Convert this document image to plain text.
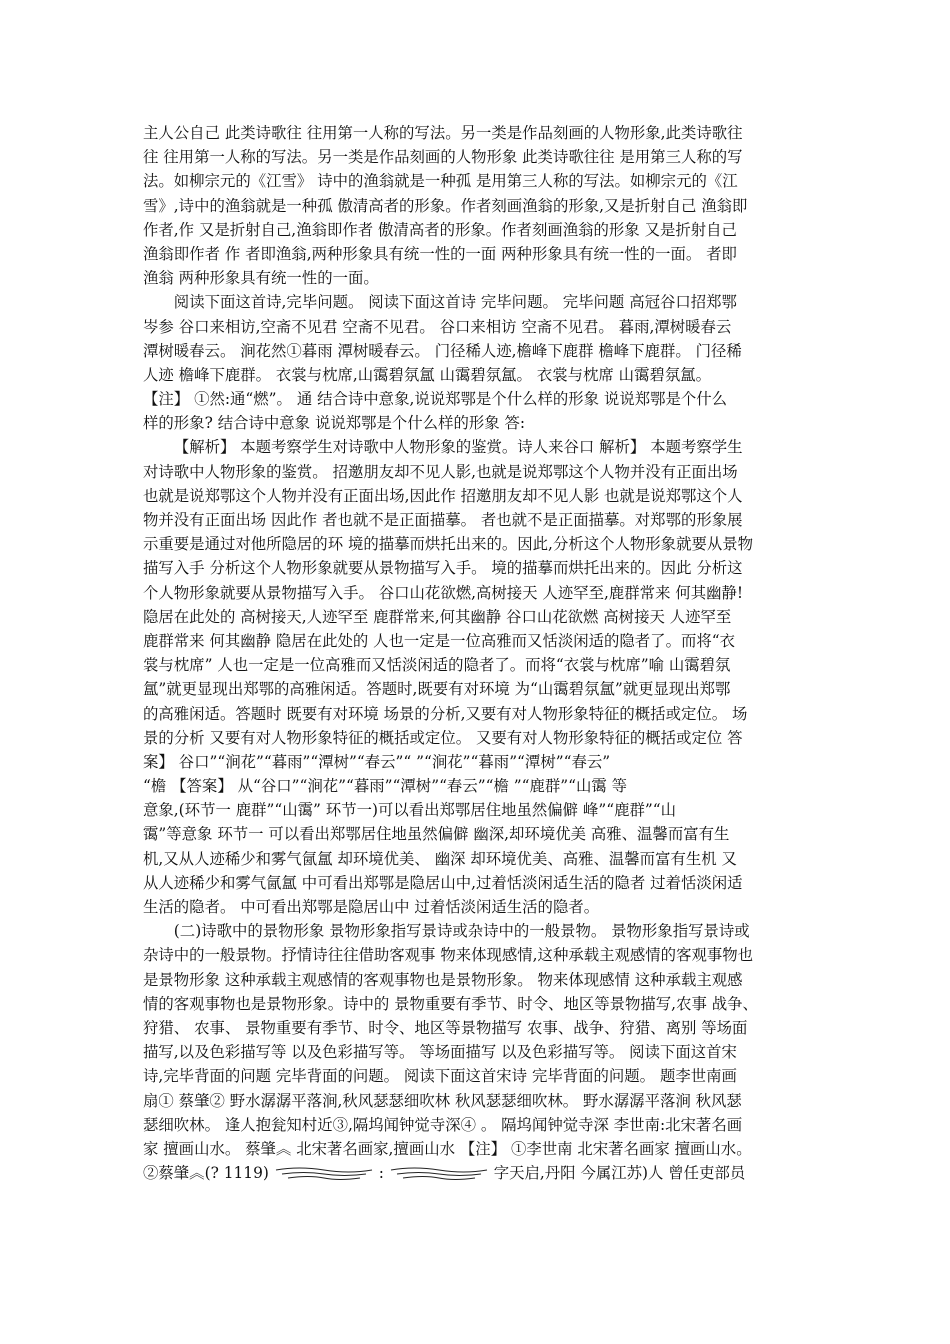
主人公自己 此类诗歌往 往用第一人称的写法。另一类是作品刻画的人物形象,此类诗歌往
往 往用第一人称的写法。另一类是作品刻画的人物形象 此类诗歌往往 是用第三人称的写
法。如柳宗元的《江雪》 诗中的渔翁就是一种孤 是用第三人称的写法。如柳宗元的《江
雪》,诗中的渔翁就是一种孤 傲清高者的形象。作者刻画渔翁的形象,又是折射自己 渔翁即
作者,作 又是折射自己,渔翁即作者 傲清高者的形象。作者刻画渔翁的形象 又是折射自己
渔翁即作者 作 者即渔翁,两种形象具有统一性的一面 两种形象具有统一性的一面。 者即
渔翁 两种形象具有统一性的一面。
阅读下面这首诗,完毕问题。 阅读下面这首诗 完毕问题。 完毕问题 高冠谷口招郑鄂
岑参 谷口来相访,空斋不见君 空斋不见君。 谷口来相访 空斋不见君。 暮雨,潭树暖春云
潭树暖春云。 涧花然①暮雨 潭树暖春云。 门径稀人迹,檐峰下鹿群 檐峰下鹿群。 门径稀
人迹 檐峰下鹿群。 衣裳与枕席,山霭碧氛氲 山霭碧氛氲。 衣裳与枕席 山霭碧氛氲。
【注】 ①然:通“燃”。 通 结合诗中意象,说说郑鄂是个什么样的形象 说说郑鄂是个什么
样的形象? 结合诗中意象 说说郑鄂是个什么样的形象 答:
【解析】 本题考察学生对诗歌中人物形象的鉴赏。诗人来谷口 解析】 本题考察学生
对诗歌中人物形象的鉴赏。 招邀朋友却不见人影,也就是说郑鄂这个人物并没有正面出场
也就是说郑鄂这个人物并没有正面出场,因此作 招邀朋友却不见人影 也就是说郑鄂这个人
物并没有正面出场 因此作 者也就不是正面描摹。 者也就不是正面描摹。对郑鄂的形象展
示重要是通过对他所隐居的环 境的描摹而烘托出来的。因此,分析这个人物形象就要从景物
描写入手 分析这个人物形象就要从景物描写入手。 境的描摹而烘托出来的。因此 分析这
个人物形象就要从景物描写入手。 谷口山花欲燃,高树接天 人迹罕至,鹿群常来 何其幽静!
隐居在此处的 高树接天,人迹罕至 鹿群常来,何其幽静 谷口山花欲燃 高树接天 人迹罕至
鹿群常来 何其幽静 隐居在此处的 人也一定是一位高雅而又恬淡闲适的隐者了。而将“衣
裳与枕席” 人也一定是一位高雅而又恬淡闲适的隐者了。而将“衣裳与枕席”喻 山霭碧氛
氲”就更显现出郑鄂的高雅闲适。答题时,既要有对环境 为“山霭碧氛氲”就更显现出郑鄂
的高雅闲适。答题时 既要有对环境 场景的分析,又要有对人物形象特征的概括或定位。 场
景的分析 又要有对人物形象特征的概括或定位。 又要有对人物形象特征的概括或定位 答
案】 谷口”“涧花”“暮雨”“潭树”“春云”“ ”“涧花”“暮雨”“潭树”“春云”
“檐 【答案】 从“谷口”“涧花”“暮雨”“潭树”“春云”“檐 ”“鹿群”“山霭 等
意象,(环节一 鹿群”“山霭” 环节一)可以看出郑鄂居住地虽然偏僻 峰”“鹿群”“山
霭”等意象 环节一 可以看出郑鄂居住地虽然偏僻 幽深,却环境优美 高雅、温馨而富有生
机,又从人迹稀少和雾气氤氲 却环境优美、 幽深 却环境优美、高雅、温馨而富有生机 又
从人迹稀少和雾气氤氲 中可看出郑鄂是隐居山中,过着恬淡闲适生活的隐者 过着恬淡闲适
生活的隐者。 中可看出郑鄂是隐居山中 过着恬淡闲适生活的隐者。
(二)诗歌中的景物形象 景物形象指写景诗或杂诗中的一般景物。 景物形象指写景诗或
杂诗中的一般景物。抒情诗往往借助客观事 物来体现感情,这种承载主观感情的客观事物也
是景物形象 这种承载主观感情的客观事物也是景物形象。 物来体现感情 这种承载主观感
情的客观事物也是景物形象。诗中的 景物重要有季节、时令、地区等景物描写,农事 战争、
狩猎、 农事、 景物重要有季节、时令、地区等景物描写 农事、战争、狩猎、离别 等场面
描写,以及色彩描写等 以及色彩描写等。 等场面描写 以及色彩描写等。 阅读下面这首宋
诗,完毕背面的问题 完毕背面的问题。 阅读下面这首宋诗 完毕背面的问题。 题李世南画
扇① 蔡肇② 野水潺潺平落涧,秋风瑟瑟细吹林 秋风瑟瑟细吹林。 野水潺潺平落涧 秋风瑟
瑟细吹林。 逢人抱瓮知村近③,隔坞闻钟觉寺深④ 。 隔坞闻钟觉寺深 李世南:北宋著名画
家 擅画山水。 蔡肇︽ 北宋著名画家,擅画山水 【注】 ①李世南 北宋著名画家 擅画山水。
②蔡肇︽(? 1119)	:	字天启,丹阳 今属江苏)人 曾任吏部员
